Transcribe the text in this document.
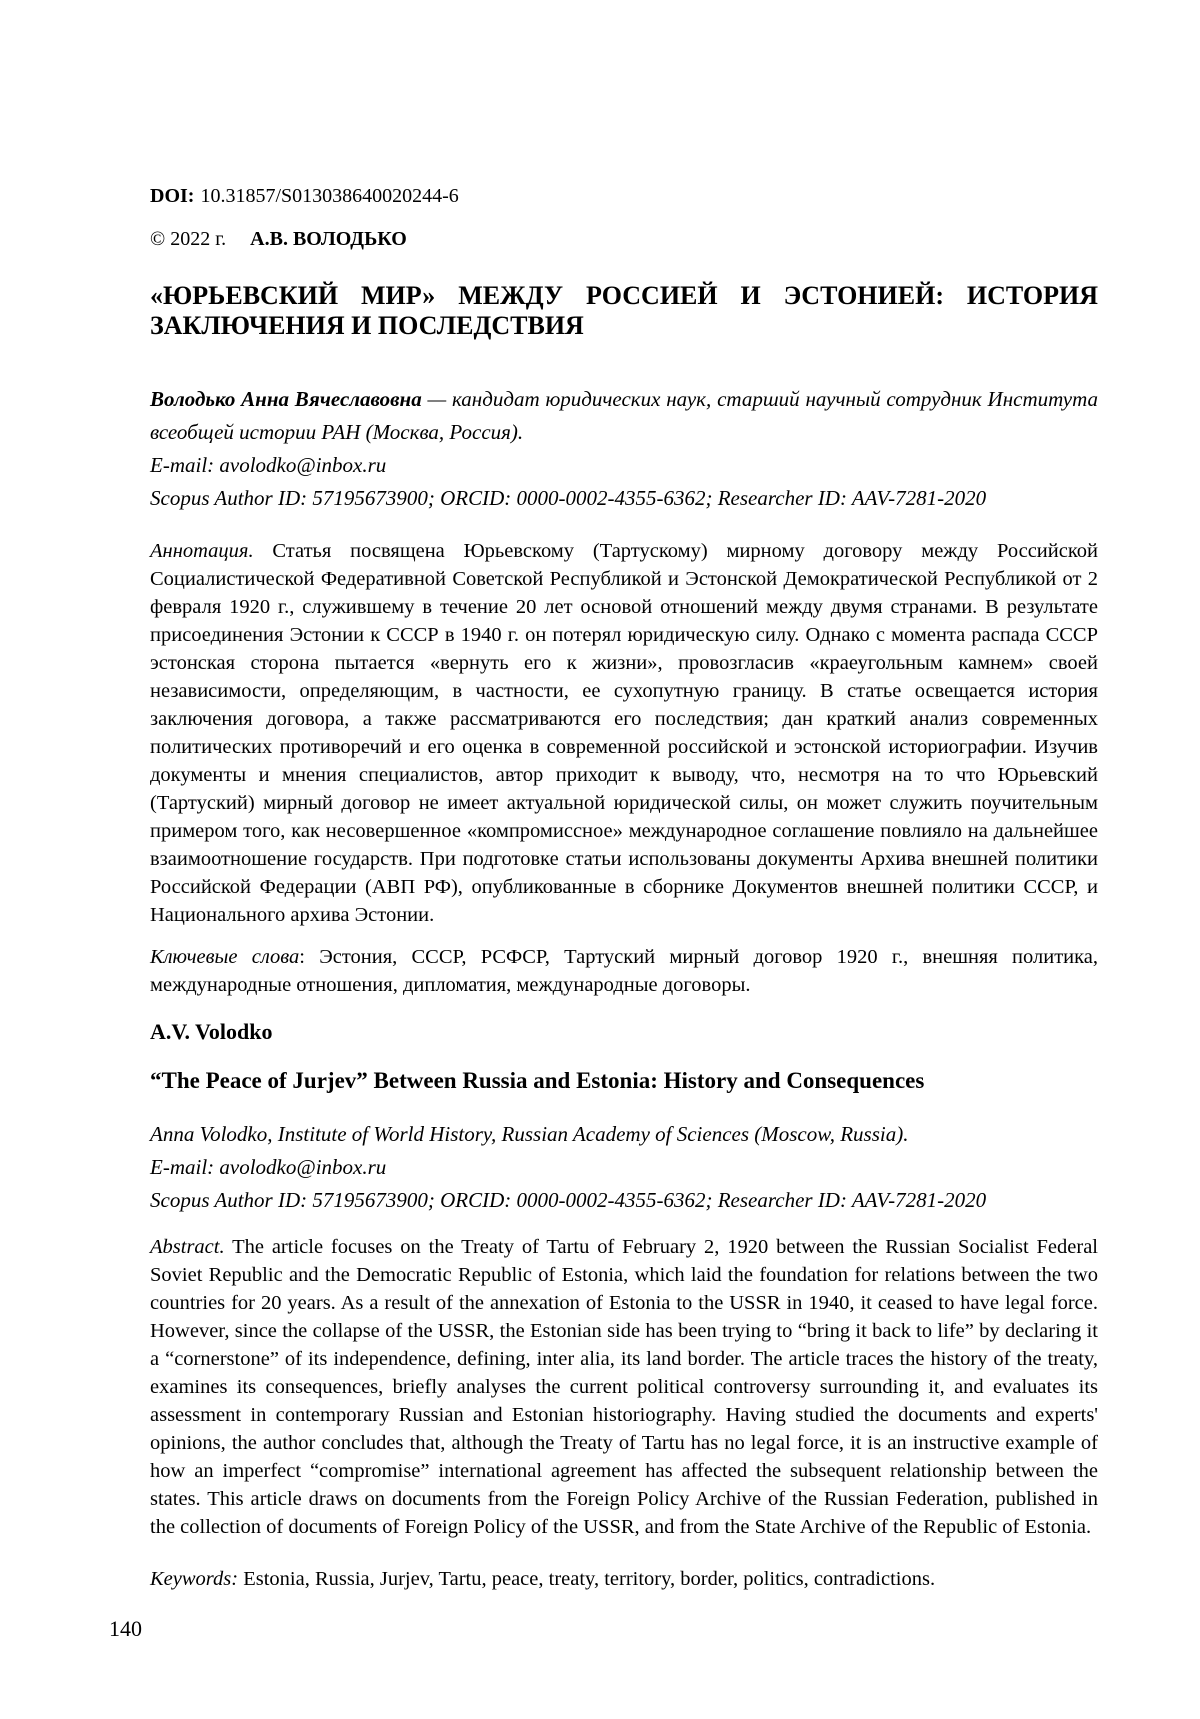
DOI: 10.31857/S013038640020244-6

© 2022 г. А.В. ВОЛОДЬКО

«ЮРЬЕВСКИЙ МИР» МЕЖДУ РОССИЕЙ И ЭСТОНИЕЙ: ИСТОРИЯ ЗАКЛЮЧЕНИЯ И ПОСЛЕДСТВИЯ

Володько Анна Вячеславовна — кандидат юридических наук, старший научный сотрудник Института всеобщей истории РАН (Москва, Россия).

E-mail: avolodko@inbox.ru

Scopus Author ID: 57195673900; ORCID: 0000-0002-4355-6362; Researcher ID: AAV-7281-2020

Аннотация. Статья посвящена Юрьевскому (Тартускому) мирному договору между Российской Социалистической Федеративной Советской Республикой и Эстонской Демократической Республикой от 2 февраля 1920 г., служившему в течение 20 лет основой отношений между двумя странами. В результате присоединения Эстонии к СССР в 1940 г. он потерял юридическую силу. Однако с момента распада СССР эстонская сторона пытается «вернуть его к жизни», провозгласив «краеугольным камнем» своей независимости, определяющим, в частности, ее сухопутную границу. В статье освещается история заключения договора, а также рассматриваются его последствия; дан краткий анализ современных политических противоречий и его оценка в современной российской и эстонской историографии. Изучив документы и мнения специалистов, автор приходит к выводу, что, несмотря на то что Юрьевский (Тартуский) мирный договор не имеет актуальной юридической силы, он может служить поучительным примером того, как несовершенное «компромиссное» международное соглашение повлияло на дальнейшее взаимоотношение государств. При подготовке статьи использованы документы Архива внешней политики Российской Федерации (АВП РФ), опубликованные в сборнике Документов внешней политики СССР, и Национального архива Эстонии.

Ключевые слова: Эстония, СССР, РСФСР, Тартуский мирный договор 1920 г., внешняя политика, международные отношения, дипломатия, международные договоры.

A.V. Volodko
“The Peace of Jurjev” Between Russia and Estonia: History and Consequences

Anna Volodko, Institute of World History, Russian Academy of Sciences (Moscow, Russia).

E-mail: avolodko@inbox.ru

Scopus Author ID: 57195673900; ORCID: 0000-0002-4355-6362; Researcher ID: AAV-7281-2020

Abstract. The article focuses on the Treaty of Tartu of February 2, 1920 between the Russian Socialist Federal Soviet Republic and the Democratic Republic of Estonia, which laid the foundation for relations between the two countries for 20 years. As a result of the annexation of Estonia to the USSR in 1940, it ceased to have legal force. However, since the collapse of the USSR, the Estonian side has been trying to “bring it back to life” by declaring it a “cornerstone” of its independence, defining, inter alia, its land border. The article traces the history of the treaty, examines its consequences, briefly analyses the current political controversy surrounding it, and evaluates its assessment in contemporary Russian and Estonian historiography. Having studied the documents and experts' opinions, the author concludes that, although the Treaty of Tartu has no legal force, it is an instructive example of how an imperfect “compromise” international agreement has affected the subsequent relationship between the states. This article draws on documents from the Foreign Policy Archive of the Russian Federation, published in the collection of documents of Foreign Policy of the USSR, and from the State Archive of the Republic of Estonia.

Keywords: Estonia, Russia, Jurjev, Tartu, peace, treaty, territory, border, politics, contradictions.

140
